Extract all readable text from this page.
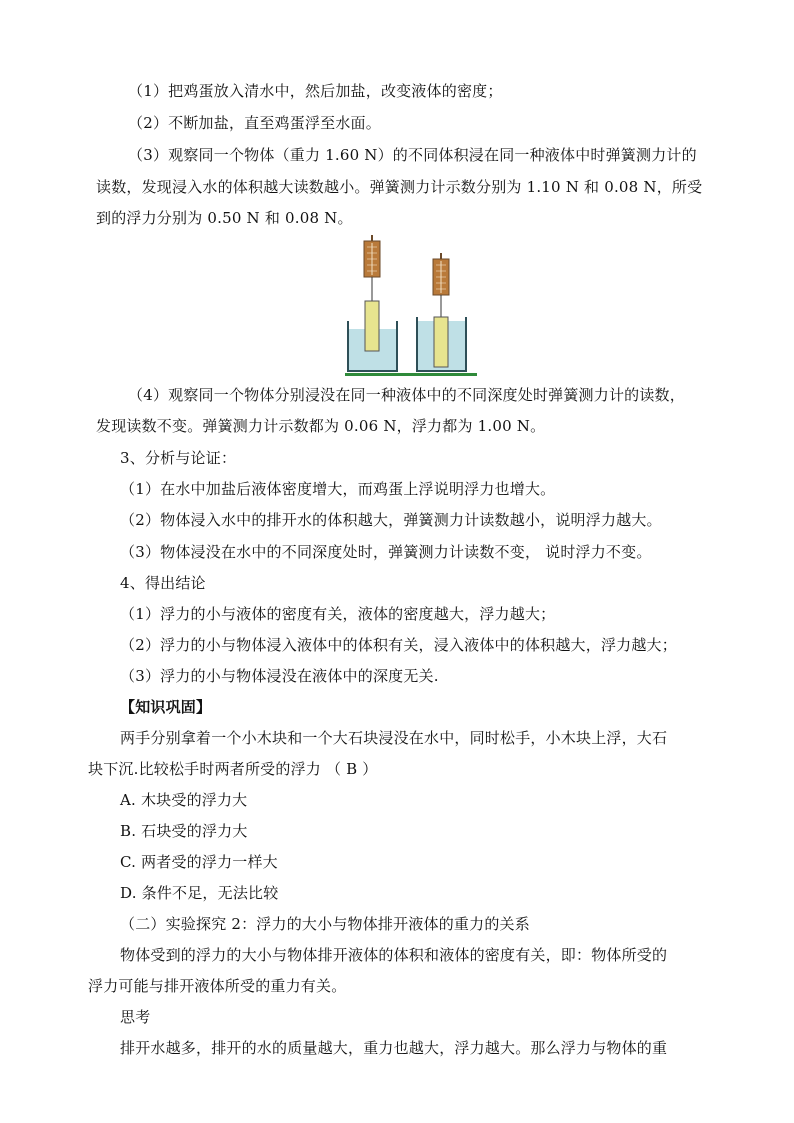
（1）把鸡蛋放入清水中，然后加盐，改变液体的密度；
（2）不断加盐，直至鸡蛋浮至水面。
（3）观察同一个物体（重力 1.60 N）的不同体积浸在同一种液体中时弹簧测力计的
读数，发现浸入水的体积越大读数越小。弹簧测力计示数分别为 1.10 N 和 0.08 N，所受
到的浮力分别为 0.50 N 和 0.08 N。
（4）观察同一个物体分别浸没在同一种液体中的不同深度处时弹簧测力计的读数，
发现读数不变。弹簧测力计示数都为 0.06 N，浮力都为 1.00 N。
3、分析与论证：
（1）在水中加盐后液体密度增大，而鸡蛋上浮说明浮力也增大。
（2）物体浸入水中的排开水的体积越大，弹簧测力计读数越小，说明浮力越大。
（3）物体浸没在水中的不同深度处时，弹簧测力计读数不变， 说时浮力不变。
4、得出结论
（1）浮力的小与液体的密度有关，液体的密度越大，浮力越大；
（2）浮力的小与物体浸入液体中的体积有关，浸入液体中的体积越大，浮力越大；
（3）浮力的小与物体浸没在液体中的深度无关.
【知识巩固】
两手分别拿着一个小木块和一个大石块浸没在水中，同时松手，小木块上浮，大石
块下沉.比较松手时两者所受的浮力 （ B ）
A. 木块受的浮力大
B. 石块受的浮力大
C. 两者受的浮力一样大
D. 条件不足，无法比较
（二）实验探究 2：浮力的大小与物体排开液体的重力的关系
物体受到的浮力的大小与物体排开液体的体积和液体的密度有关，即：物体所受的
浮力可能与排开液体所受的重力有关。
思考
排开水越多，排开的水的质量越大，重力也越大，浮力越大。那么浮力与物体的重
